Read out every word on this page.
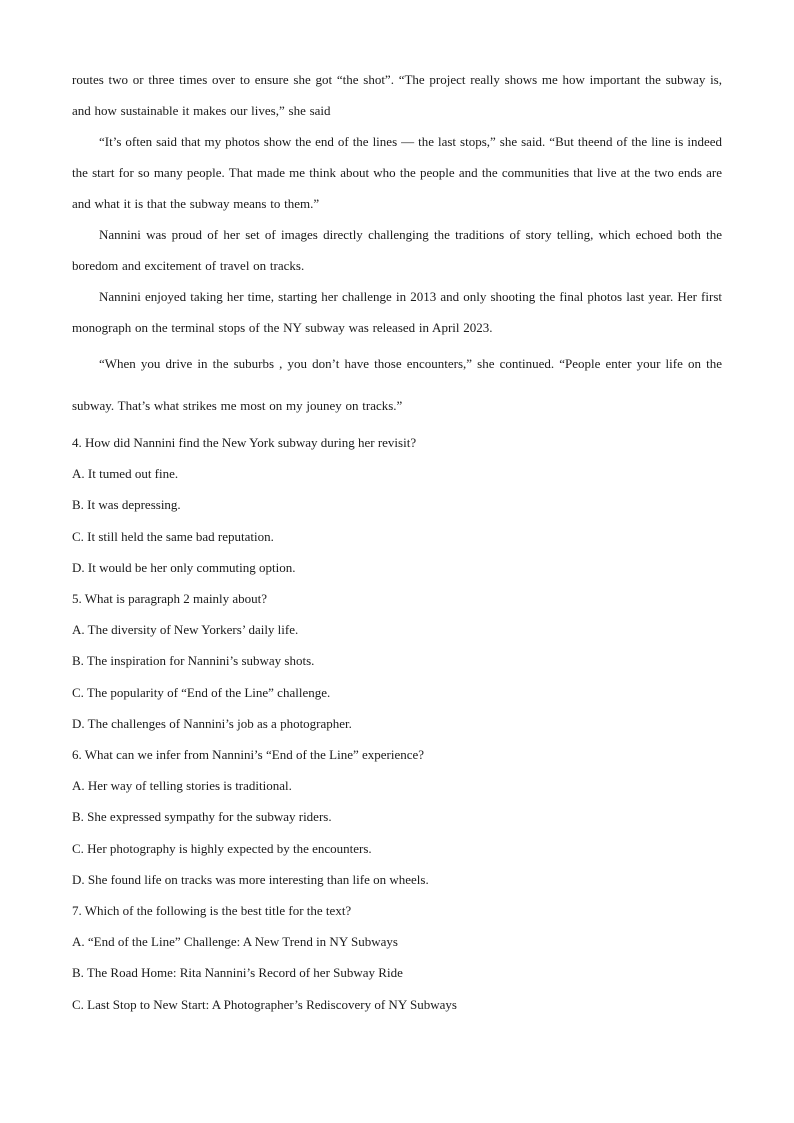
routes two or three times over to ensure she got “the shot”. “The project really shows me how important the subway is, and how sustainable it makes our lives,” she said

“It’s often said that my photos show the end of the lines — the last stops,” she said. “But theend of the line is indeed the start for so many people. That made me think about who the people and the communities that live at the two ends are and what it is that the subway means to them.”

Nannini was proud of her set of images directly challenging the traditions of story telling, which echoed both the boredom and excitement of travel on tracks.

Nannini enjoyed taking her time, starting her challenge in 2013 and only shooting the final photos last year. Her first monograph on the terminal stops of the NY subway was released in April 2023.

“When you drive in the suburbs , you don’t have those encounters,” she continued. “People enter your life on the subway. That’s what strikes me most on my jouney on tracks.”

4. How did Nannini find the New York subway during her revisit?

A. It tumed out fine.

B. It was depressing.

C. It still held the same bad reputation.

D. It would be her only commuting option.

5. What is paragraph 2 mainly about?

A. The diversity of New Yorkers’ daily life.

B. The inspiration for Nannini’s subway shots.

C. The popularity of “End of the Line” challenge.

D. The challenges of Nannini’s job as a photographer.

6. What can we infer from Nannini’s “End of the Line” experience?

A. Her way of telling stories is traditional.

B. She expressed sympathy for the subway riders.

C. Her photography is highly expected by the encounters.

D. She found life on tracks was more interesting than life on wheels.

7. Which of the following is the best title for the text?

A. “End of the Line” Challenge: A New Trend in NY Subways

B. The Road Home: Rita Nannini’s Record of her Subway Ride

C. Last Stop to New Start: A Photographer’s Rediscovery of NY Subways
